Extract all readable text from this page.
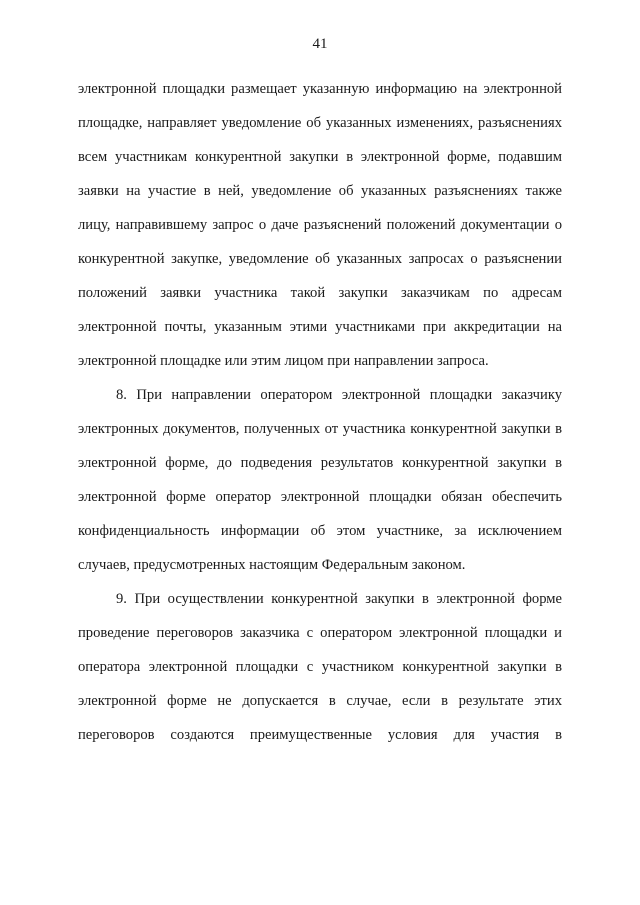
41

электронной площадки размещает указанную информацию на электронной площадке, направляет уведомление об указанных изменениях, разъяснениях всем участникам конкурентной закупки в электронной форме, подавшим заявки на участие в ней, уведомление об указанных разъяснениях также лицу, направившему запрос о даче разъяснений положений документации о конкурентной закупке, уведомление об указанных запросах о разъяснении положений заявки участника такой закупки заказчикам по адресам электронной почты, указанным этими участниками при аккредитации на электронной площадке или этим лицом при направлении запроса.

8. При направлении оператором электронной площадки заказчику электронных документов, полученных от участника конкурентной закупки в электронной форме, до подведения результатов конкурентной закупки в электронной форме оператор электронной площадки обязан обеспечить конфиденциальность информации об этом участнике, за исключением случаев, предусмотренных настоящим Федеральным законом.

9. При осуществлении конкурентной закупки в электронной форме проведение переговоров заказчика с оператором электронной площадки и оператора электронной площадки с участником конкурентной закупки в электронной форме не допускается в случае, если в результате этих переговоров создаются преимущественные условия для участия в
